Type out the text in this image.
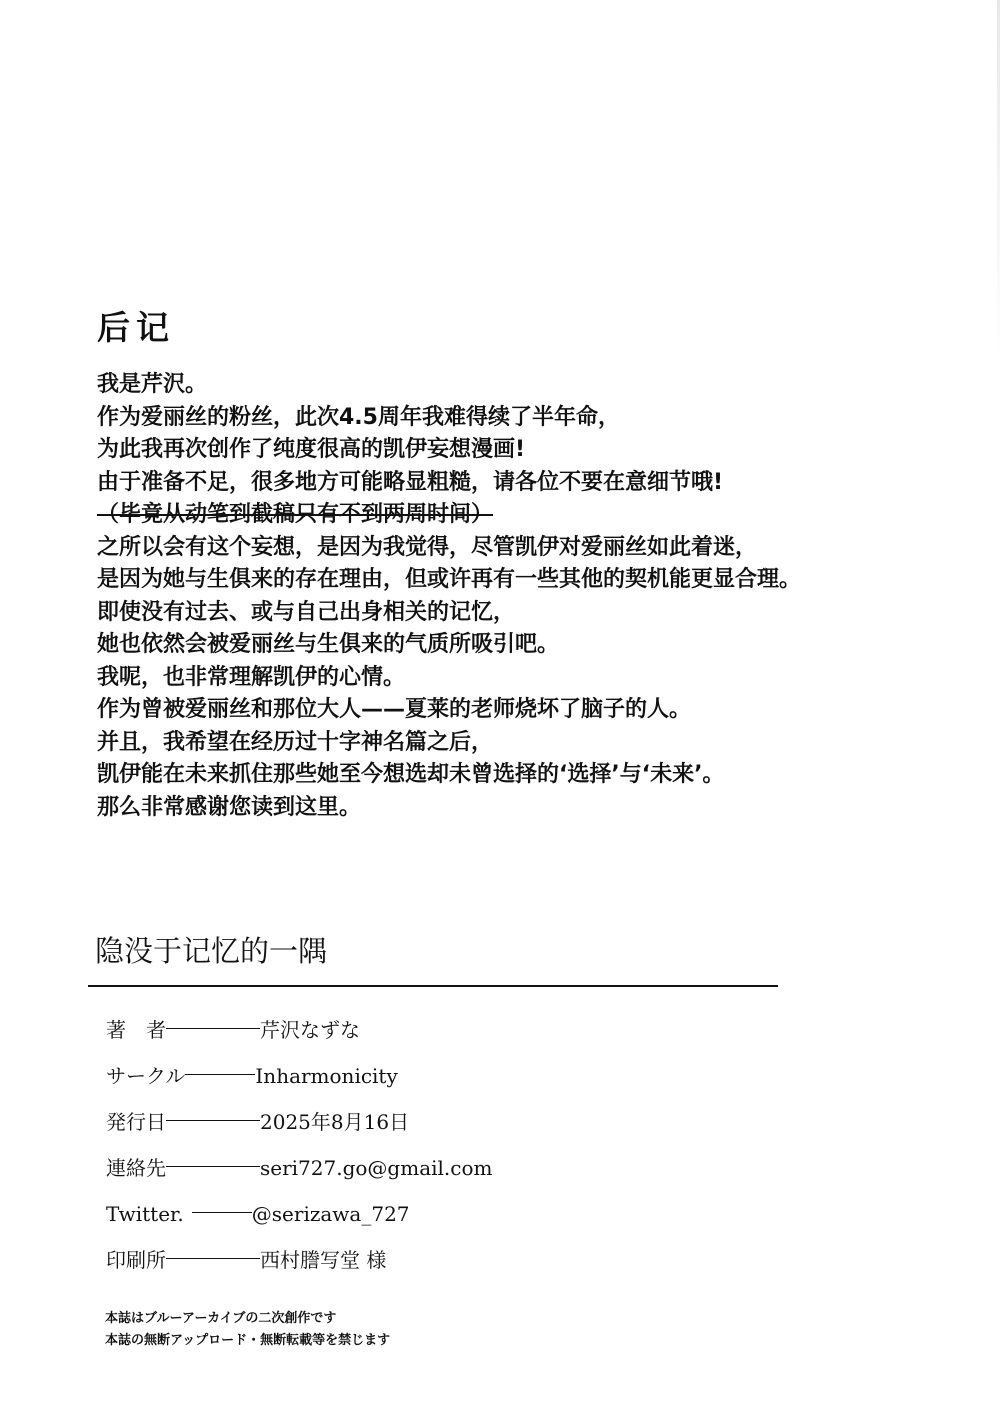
后记
我是芹沢。
作为爱丽丝的粉丝，此次4.5周年我难得续了半年命，
为此我再次创作了纯度很高的凯伊妄想漫画!
由于准备不足，很多地方可能略显粗糙，请各位不要在意细节哦!
（毕竟从动笔到截稿只有不到两周时间）
之所以会有这个妄想，是因为我觉得，尽管凯伊对爱丽丝如此着迷，
是因为她与生俱来的存在理由，但或许再有一些其他的契机能更显合理。
即使没有过去、或与自己出身相关的记忆，
她也依然会被爱丽丝与生俱来的气质所吸引吧。
我呢，也非常理解凯伊的心情。
作为曾被爱丽丝和那位大人——夏莱的老师烧坏了脑子的人。
并且，我希望在经历过十字神名篇之后，
凯伊能在未来抓住那些她至今想选却未曾选择的‘选择’与‘未来’。
那么非常感谢您读到这里。
隐没于记忆的一隅
著　者	芹沢なずな
サークル	Inharmonicity
発行日	2025年8月16日
連絡先	seri727.go@gmail.com
Twitter.	@serizawa_727
印刷所	西村謄写堂 様
本誌はブルーアーカイブの二次創作です
本誌の無断アップロード・無断転載等を禁じます
